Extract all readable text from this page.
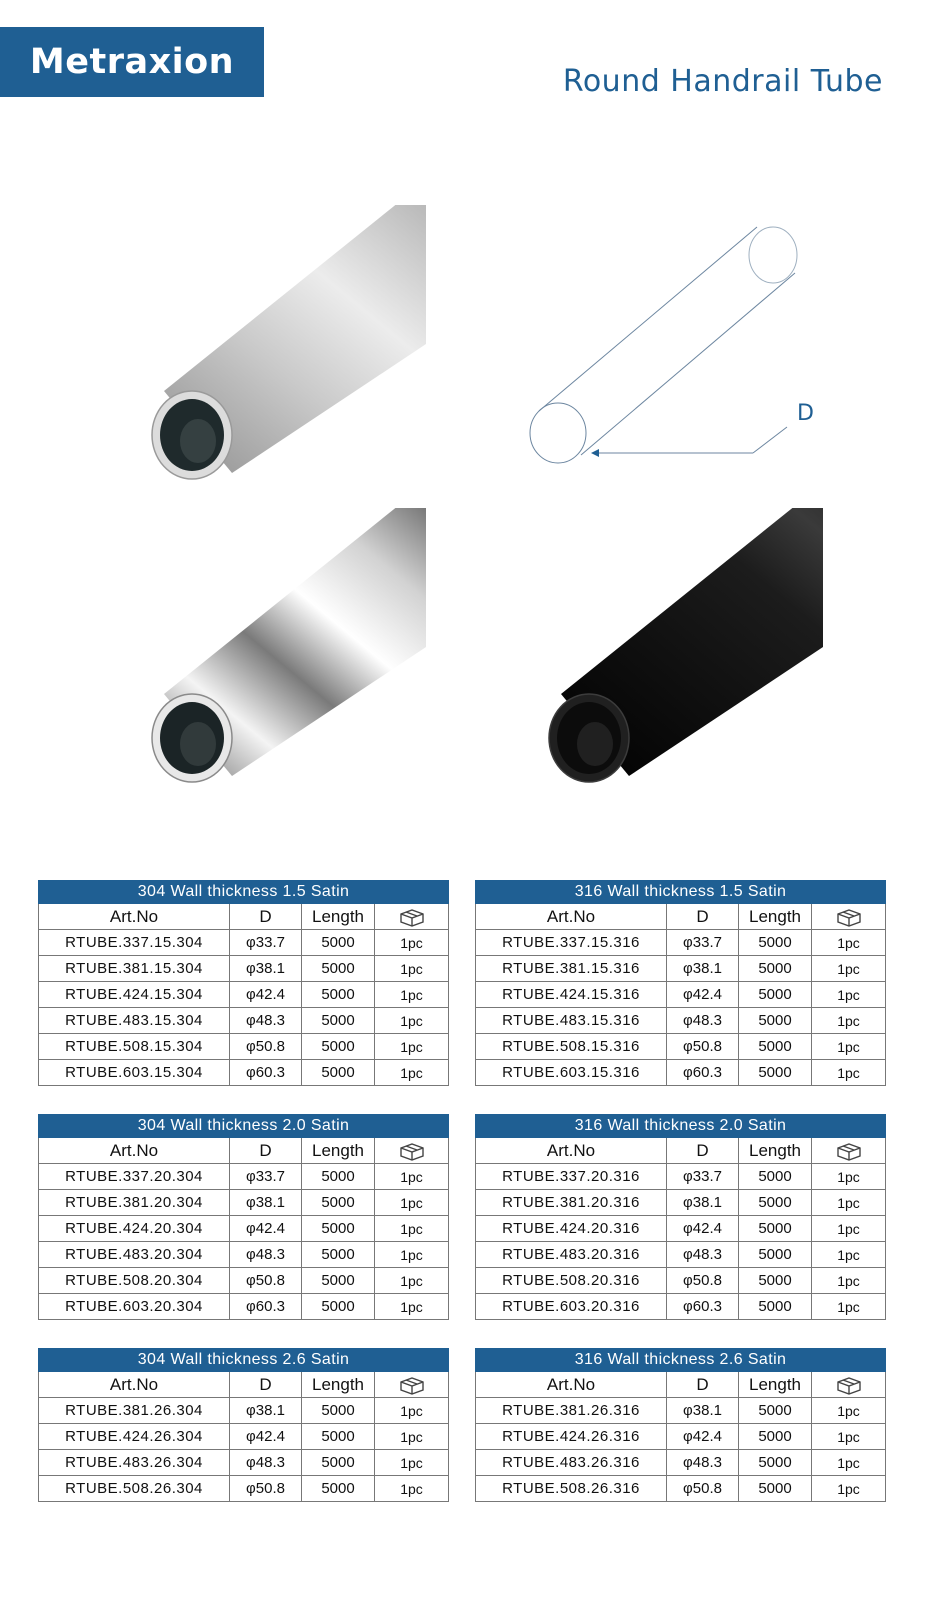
Metraxion	Round Handrail Tube
D
304 Wall thickness 1.5 Satin			
Art.No	D	Length	
RTUBE.337.15.304	φ33.7	5000	1pc
RTUBE.381.15.304	φ38.1	5000	1pc
RTUBE.424.15.304	φ42.4	5000	1pc
RTUBE.483.15.304	φ48.3	5000	1pc
RTUBE.508.15.304	φ50.8	5000	1pc
RTUBE.603.15.304	φ60.3	5000	1pc
316 Wall thickness 1.5 Satin			
Art.No	D	Length	
RTUBE.337.15.316	φ33.7	5000	1pc
RTUBE.381.15.316	φ38.1	5000	1pc
RTUBE.424.15.316	φ42.4	5000	1pc
RTUBE.483.15.316	φ48.3	5000	1pc
RTUBE.508.15.316	φ50.8	5000	1pc
RTUBE.603.15.316	φ60.3	5000	1pc
304 Wall thickness 2.0 Satin			
Art.No	D	Length	
RTUBE.337.20.304	φ33.7	5000	1pc
RTUBE.381.20.304	φ38.1	5000	1pc
RTUBE.424.20.304	φ42.4	5000	1pc
RTUBE.483.20.304	φ48.3	5000	1pc
RTUBE.508.20.304	φ50.8	5000	1pc
RTUBE.603.20.304	φ60.3	5000	1pc
316 Wall thickness 2.0 Satin			
Art.No	D	Length	
RTUBE.337.20.316	φ33.7	5000	1pc
RTUBE.381.20.316	φ38.1	5000	1pc
RTUBE.424.20.316	φ42.4	5000	1pc
RTUBE.483.20.316	φ48.3	5000	1pc
RTUBE.508.20.316	φ50.8	5000	1pc
RTUBE.603.20.316	φ60.3	5000	1pc
304 Wall thickness 2.6 Satin			
Art.No	D	Length	
RTUBE.381.26.304	φ38.1	5000	1pc
RTUBE.424.26.304	φ42.4	5000	1pc
RTUBE.483.26.304	φ48.3	5000	1pc
RTUBE.508.26.304	φ50.8	5000	1pc
316 Wall thickness 2.6 Satin			
Art.No	D	Length	
RTUBE.381.26.316	φ38.1	5000	1pc
RTUBE.424.26.316	φ42.4	5000	1pc
RTUBE.483.26.316	φ48.3	5000	1pc
RTUBE.508.26.316	φ50.8	5000	1pc
